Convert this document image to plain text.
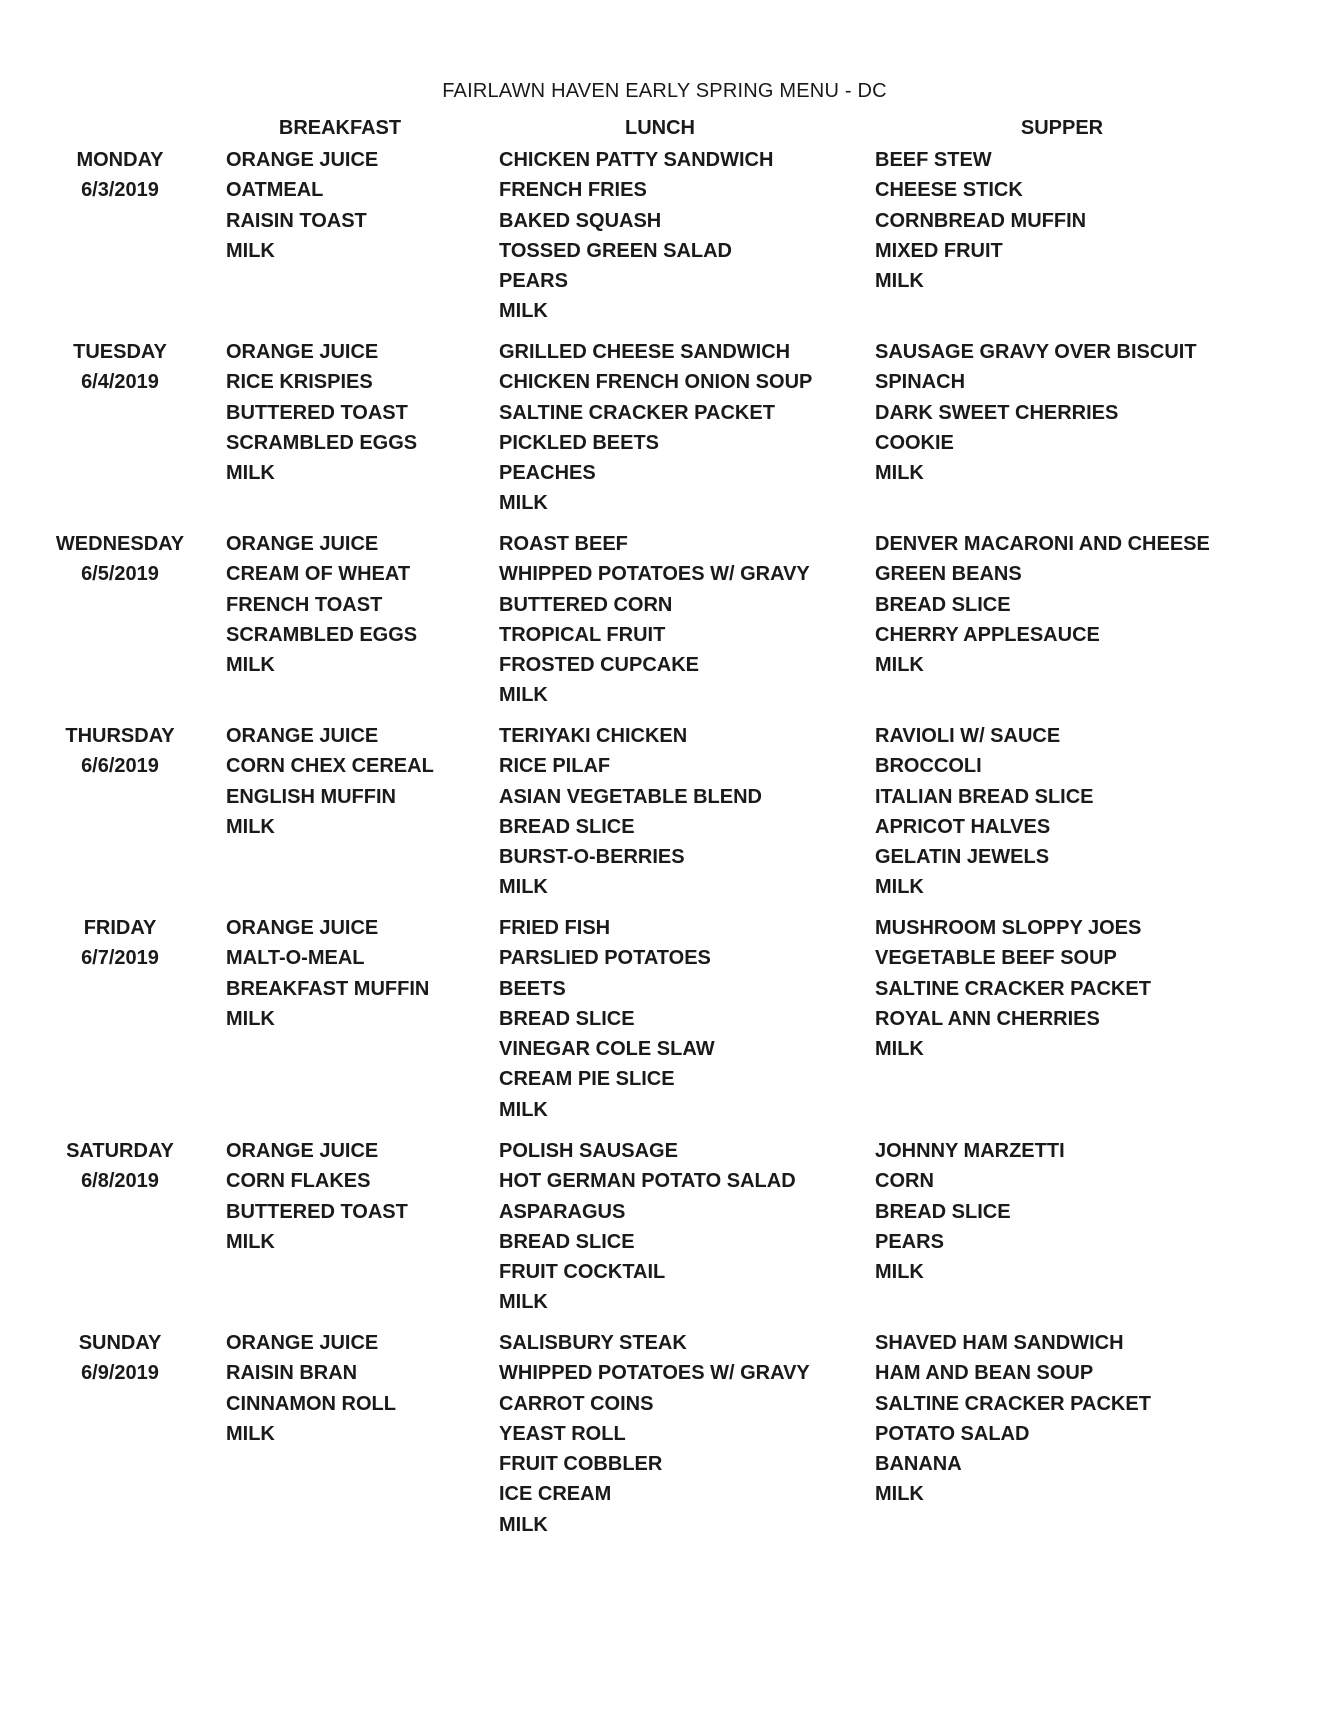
FAIRLAWN HAVEN EARLY SPRING MENU - DC
BREAKFAST	LUNCH	SUPPER
MONDAY
6/3/2019
ORANGE JUICE
OATMEAL
RAISIN TOAST
MILK
CHICKEN PATTY SANDWICH
FRENCH FRIES
BAKED SQUASH
TOSSED GREEN SALAD
PEARS
MILK
BEEF STEW
CHEESE STICK
CORNBREAD MUFFIN
MIXED FRUIT
MILK
TUESDAY
6/4/2019
ORANGE JUICE
RICE KRISPIES
BUTTERED TOAST
SCRAMBLED EGGS
MILK
GRILLED CHEESE SANDWICH
CHICKEN FRENCH ONION SOUP
SALTINE CRACKER PACKET
PICKLED BEETS
PEACHES
MILK
SAUSAGE GRAVY OVER BISCUIT
SPINACH
DARK SWEET CHERRIES
COOKIE
MILK
WEDNESDAY
6/5/2019
ORANGE JUICE
CREAM OF WHEAT
FRENCH TOAST
SCRAMBLED EGGS
MILK
ROAST BEEF
WHIPPED POTATOES W/ GRAVY
BUTTERED CORN
TROPICAL FRUIT
FROSTED CUPCAKE
MILK
DENVER MACARONI AND CHEESE
GREEN BEANS
BREAD SLICE
CHERRY APPLESAUCE
MILK
THURSDAY
6/6/2019
ORANGE JUICE
CORN CHEX CEREAL
ENGLISH MUFFIN
MILK
TERIYAKI CHICKEN
RICE PILAF
ASIAN VEGETABLE BLEND
BREAD SLICE
BURST-O-BERRIES
MILK
RAVIOLI W/ SAUCE
BROCCOLI
ITALIAN BREAD SLICE
APRICOT HALVES
GELATIN JEWELS
MILK
FRIDAY
6/7/2019
ORANGE JUICE
MALT-O-MEAL
BREAKFAST MUFFIN
MILK
FRIED FISH
PARSLIED POTATOES
BEETS
BREAD SLICE
VINEGAR COLE SLAW
CREAM PIE SLICE
MILK
MUSHROOM SLOPPY JOES
VEGETABLE BEEF SOUP
SALTINE CRACKER PACKET
ROYAL ANN CHERRIES
MILK
SATURDAY
6/8/2019
ORANGE JUICE
CORN FLAKES
BUTTERED TOAST
MILK
POLISH SAUSAGE
HOT GERMAN POTATO SALAD
ASPARAGUS
BREAD SLICE
FRUIT COCKTAIL
MILK
JOHNNY MARZETTI
CORN
BREAD SLICE
PEARS
MILK
SUNDAY
6/9/2019
ORANGE JUICE
RAISIN BRAN
CINNAMON ROLL
MILK
SALISBURY STEAK
WHIPPED POTATOES W/ GRAVY
CARROT COINS
YEAST ROLL
FRUIT COBBLER
ICE CREAM
MILK
SHAVED HAM SANDWICH
HAM AND BEAN SOUP
SALTINE CRACKER PACKET
POTATO SALAD
BANANA
MILK
